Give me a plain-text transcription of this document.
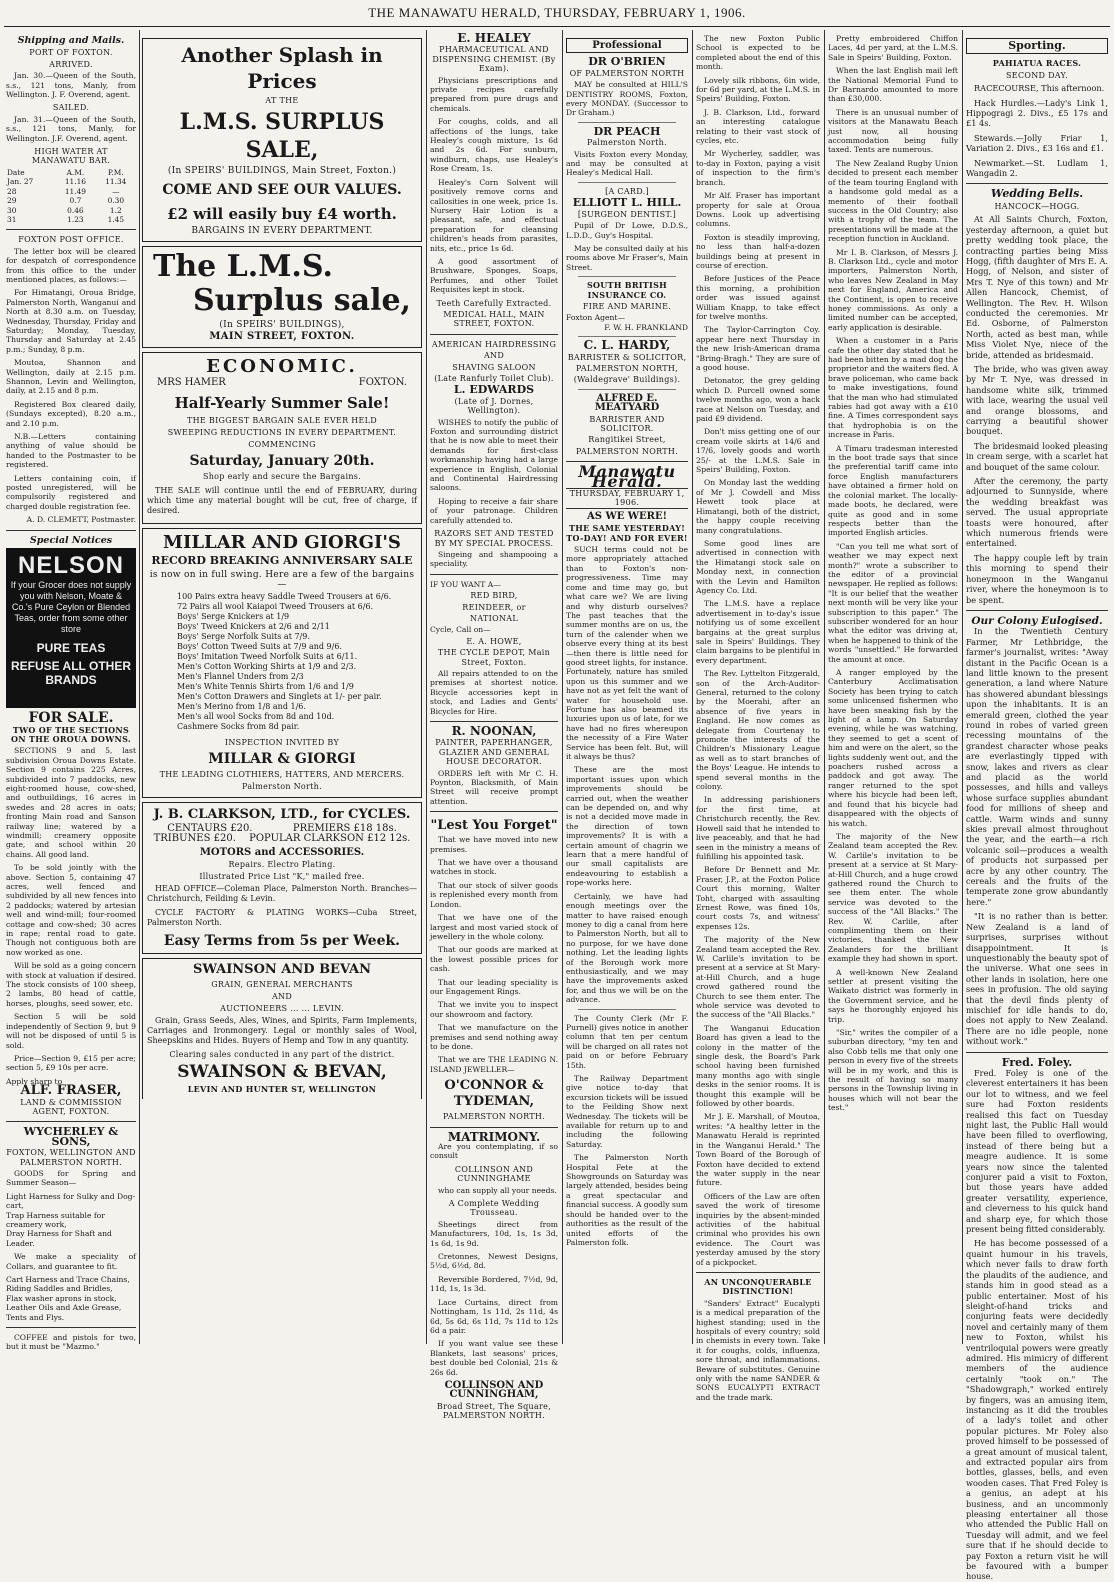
THE MANAWATU HERALD, THURSDAY, FEBRUARY 1, 1906.
Shipping and Mails.
PORT OF FOXTON.
ARRIVED.

Jan. 30.—Queen of the South, s.s., 121 tons, Manly, from Wellington. J. F. Overend, agent.

SAILED.

Jan. 31.—Queen of the South, s.s., 121 tons, Manly, for Wellington. J.F. Overend, agent.

HIGH WATER AT MANAWATU BAR.
Date	A.M.	P.M.
Jan. 27	11.16	11.34
28	11.49	—
29	0.7	0.30
30	0.46	1.2
31	1.23	1.45
FOXTON POST OFFICE.

The letter box will be cleared for despatch of correspondence from this office to the under mentioned places, as follows:—

For Himatangi, Oroua Bridge, Palmerston North, Wanganui and North at 8.30 a.m. on Tuesday, Wednesday, Thursday, Friday and Saturday; Monday, Tuesday, Thursday and Saturday at 2.45 p.m.; Sunday, 8 p.m.

Moutoa, Shannon and Wellington, daily at 2.15 p.m. Shannon, Levin and Wellington, daily, at 2.15 and 8 p.m.

Registered Box cleared daily, (Sundays excepted), 8.20 a.m., and 2.10 p.m.

N.B.—Letters containing anything of value should be handed to the Postmaster to be registered.

Letters containing coin, if posted unregistered, will be compulsorily registered and charged double registration fee.

A. D. CLEMETT, Postmaster.
Special Notices
NELSON
If your Grocer does not supply you with Nelson, Moate & Co.'s Pure Ceylon or Blended Teas, order from some other store
PURE TEAS
REFUSE ALL OTHER BRANDS
FOR SALE.
TWO OF THE SECTIONS ON THE OROUA DOWNS.

SECTIONS 9 and 5, last subdivision Oroua Downs Estate. Section 9 contains 225 Acres, subdivided into 7 paddocks, new eight-roomed house, cow-shed, and outbuildings, 16 acres in swedes and 28 acres in oats; fronting Main road and Sanson railway line; watered by a windmill; creamery opposite gate, and school within 20 chains. All good land.

To be sold jointly with the above. Section 5, containing 47 acres, well fenced and subdivided by all new fences into 2 paddocks; watered by artesian well and wind-mill; four-roomed cottage and cow-shed; 30 acres in rape; rental road to gate. Though not contiguous both are now worked as one.

Will be sold as a going concern with stock at valuation if desired. The stock consists of 100 sheep, 2 lambs, 80 head of cattle, horses, ploughs, seed sower, etc.

Section 5 will be sold independently of Section 9, but 9 will not be disposed of until 5 is sold.

Price—Section 9, £15 per acre; section 5, £9 10s per acre.

Apply sharp to
ALF. FRASER,
LAND & COMMISSION AGENT, FOXTON.
WYCHERLEY & SONS,
FOXTON, WELLINGTON AND PALMERSTON NORTH.

GOODS for Spring and Summer Season—

Light Harness for Sulky and Dog-cart,
Trap Harness suitable for creamery work,
Dray Harness for Shaft and Leader.

We make a speciality of Collars, and guarantee to fit.

Cart Harness and Trace Chains,
Riding Saddles and Bridles,
Flax washer aprons in stock,
Leather Oils and Axle Grease,
Tents and Flys.

COFFEE and pistols for two, but it must be "Mazmo."

Another Splash in Prices
AT THE
L.M.S. SURPLUS SALE,
(In SPEIRS' BUILDINGS, Main Street, Foxton.)
COME AND SEE OUR VALUES.
£2 will easily buy £4 worth.
BARGAINS IN EVERY DEPARTMENT.
The L.M.S.
Surplus sale,
(In SPEIRS' BUILDINGS),
MAIN STREET, FOXTON.
ECONOMIC.
MRS HAMER	FOXTON.
Half-Yearly Summer Sale!
THE BIGGEST BARGAIN SALE EVER HELD
SWEEPING REDUCTIONS IN EVERY DEPARTMENT.
COMMENCING
Saturday, January 20th.
Shop early and secure the Bargains.

THE SALE will continue until the end of FEBRUARY, during which time any material bought will be cut, free of charge, if desired.

MILLAR AND GIORGI'S
RECORD BREAKING ANNIVERSARY SALE
is now on in full swing. Here are a few of the bargains—
100 Pairs extra heavy Saddle Tweed Trousers at 6/6.
72 Pairs all wool Kaiapoi Tweed Trousers at 6/6.
Boys' Serge Knickers at 1/9
Boys' Tweed Knickers at 2/6 and 2/11
Boys' Serge Norfolk Suits at 7/9.
Boys' Cotton Tweed Suits at 7/9 and 9/6.
Boys' Imitation Tweed Norfolk Suits at 6/11.
Men's Cotton Working Shirts at 1/9 and 2/3.
Men's Flannel Unders from 2/3
Men's White Tennis Shirts from 1/6 and 1/9
Men's Cotton Drawers and Singlets at 1/- per pair.
Men's Merino from 1/8 and 1/6.
Men's all wool Socks from 8d and 10d.
Cashmere Socks from 8d pair.
INSPECTION INVITED BY
MILLAR & GIORGI
THE LEADING CLOTHIERS, HATTERS, AND MERCERS.
Palmerston North.
J. B. CLARKSON, LTD., for CYCLES.
CENTAURS £20.	PREMIERS £18 18s.
TRIBUNES £20. POPULAR CLARKSON £12 12s.
MOTORS and ACCESSORIES.
Repairs. Electro Plating.
Illustrated Price List "K," mailed free.

HEAD OFFICE—Coleman Place, Palmerston North. Branches—Christchurch, Feilding & Levin.

CYCLE FACTORY & PLATING WORKS—Cuba Street, Palmerston North.

Easy Terms from 5s per Week.
SWAINSON AND BEVAN
GRAIN, GENERAL MERCHANTS
AND
AUCTIONEERS ... ... LEVIN.

Grain, Grass Seeds, Ales, Wines, and Spirits, Farm Implements, Carriages and Ironmongery. Legal or monthly sales of Wool, Sheepskins and Hides. Buyers of Hemp and Tow in any quantity.

Clearing sales conducted in any part of the district.
SWAINSON & BEVAN,
LEVIN AND HUNTER ST, WELLINGTON
E. HEALEY
PHARMACEUTICAL AND DISPENSING CHEMIST. (By Exam).

Physicians prescriptions and private recipes carefully prepared from pure drugs and chemicals.

For coughs, colds, and all affections of the lungs, take Healey's cough mixture, 1s 6d and 2s 6d. For sunburn, windburn, chaps, use Healey's Rose Cream, 1s.

Healey's Corn Solvent will positively remove corns and callosities in one week, price 1s. Nursery Hair Lotion is a pleasant, safe, and effectual preparation for cleansing children's heads from parasites, nits, etc., price 1s 6d.

A good assortment of Brushware, Sponges, Soaps, Perfumes, and other Toilet Requisites kept in stock.

Teeth Carefully Extracted.
MEDICAL HALL, MAIN STREET, FOXTON.
AMERICAN HAIRDRESSING
AND
SHAVING SALOON
(Late Ranfurly Toilet Club).
L. EDWARDS
(Late of J. Dornes, Wellington).

WISHES to notify the public of Foxton and surrounding district that he is now able to meet their demands for first-class workmanship having had a large experience in English, Colonial and Continental Hairdressing saloons.

Hoping to receive a fair share of your patronage. Children carefully attended to.

RAZORS SET AND TESTED BY MY SPECIAL PROCESS.

Singeing and shampooing a speciality.

IF YOU WANT A—
RED BIRD,
REINDEER, or
NATIONAL
Cycle, Call on—
E. A. HOWE,
THE CYCLE DEPOT, Main Street, Foxton.

All repairs attended to on the premises at shortest notice. Bicycle accessories kept in stock, and Ladies and Gents' Bicycles for Hire.

R. NOONAN,
PAINTER, PAPERHANGER, GLAZIER AND GENERAL HOUSE DECORATOR.

ORDERS left with Mr C. H. Poynton, Blacksmith, of Main Street will receive prompt attention.

"Lest You Forget"

That we have moved into new premises.

That we have over a thousand watches in stock.

That our stock of silver goods is replenished every month from London.

That we have one of the largest and most varied stock of jewellery in the whole colony.

That our goods are marked at the lowest possible prices for cash.

That our leading speciality is our Engagement Rings.

That we invite you to inspect our showroom and factory.

That we manufacture on the premises and send nothing away to be done.

That we are THE LEADING N. ISLAND JEWELLER—

O'CONNOR & TYDEMAN,
PALMERSTON NORTH.
MATRIMONY.

Are you contemplating, if so consult

COLLINSON AND CUNNINGHAME

who can supply all your needs.

A Complete Wedding Trousseau.

Sheetings direct from Manufacturers, 10d, 1s, 1s 3d, 1s 6d, 1s 9d.

Cretonnes, Newest Designs, 5½d, 6½d, 8d.

Reversible Bordered, 7½d, 9d, 11d, 1s, 1s 3d.

Lace Curtains, direct from Nottingham, 1s 11d, 2s 11d, 4s 6d, 5s 6d, 6s 11d, 7s 11d to 12s 6d a pair.

If you want value see these Blankets, last seasons' prices, best double bed Colonial, 21s & 26s 6d.

COLLINSON AND CUNNINGHAM,
Broad Street, The Square, PALMERSTON NORTH.
Professional
DR O'BRIEN
OF PALMERSTON NORTH

MAY be consulted at HILL'S DENTISTRY ROOMS, Foxton, every MONDAY. (Successor to Dr Graham.)

DR PEACH
Palmerston North.

Visits Foxton every Monday, and may be consulted at Healey's Medical Hall.

[A CARD.]
ELLIOTT L. HILL.
[SURGEON DENTIST.]

Pupil of Dr Lowe, D.D.S., L.D.D., Guy's Hospital.

May be consulted daily at his rooms above Mr Fraser's, Main Street.

SOUTH BRITISH INSURANCE CO.
FIRE AND MARINE.
Foxton Agent—
F. W. H. FRANKLAND
C. L. HARDY,
BARRISTER & SOLICITOR,
PALMERSTON NORTH,
(Waldegrave' Buildings).
ALFRED E. MEATYARD
BARRISTER AND SOLICITOR.
Rangitikei Street,
PALMERSTON NORTH.
Manawatu Herald.
THURSDAY, FEBRUARY 1, 1906.
AS WE WERE!
THE SAME YESTERDAY! TO-DAY! AND FOR EVER!

SUCH terms could not be more appropriately attached than to Foxton's non-progressiveness. Time may come and time may go, but what care we? We are living and why disturb ourselves? The past teaches that the summer months are on us, the turn of the calender when we observe every thing at its best—then there is little need for good street lights, for instance. Fortunately, nature has smiled upon us this summer and we have not as yet felt the want of water for household use. Fortune has also beamed its luxuries upon us of late, for we have had no fires whereupon the necessity of a Fire Water Service has been felt. But, will it always be thus?

These are the most important issues upon which improvements should be carried out, when the weather can be depended on, and why is not a decided move made in the direction of town improvements? It is with a certain amount of chagrin we learn that a mere handful of our small capitalists are endeavouring to establish a rope-works here.

Certainly, we have had enough meetings over the matter to have raised enough money to dig a canal from here to Palmerston North, but all to no purpose, for we have done nothing. Let the leading lights of the Borough work more enthusiastically, and we may have the improvements asked for, and thus we will be on the advance.

The County Clerk (Mr F. Purnell) gives notice in another column that ten per centum will be charged on all rates not paid on or before February 15th.

The Railway Department give notice to-day that excursion tickets will be issued to the Feilding Show next Wednesday. The tickets will be available for return up to and including the following Saturday.

The Palmerston North Hospital Fete at the Showgrounds on Saturday was largely attended, besides being a great spectacular and financial success. A goodly sum should be handed over to the authorities as the result of the united efforts of the Palmerston folk.

The new Foxton Public School is expected to be completed about the end of this month.

Lovely silk ribbons, 6in wide, for 6d per yard, at the L.M.S. in Speirs' Building, Foxton.

J. B. Clarkson, Ltd., forward an interesting catalogue relating to their vast stock of cycles, etc.

Mr Wycherley, saddler, was to-day in Foxton, paying a visit of inspection to the firm's branch.

Mr Alf. Fraser has important property for sale at Oroua Downs. Look up advertising columns.

Foxton is steadily improving, no less than half-a-dozen buildings being at present in course of erection.

Before Justices of the Peace this morning, a prohibition order was issued against William Knapp, to take effect for twelve months.

The Taylor-Carrington Coy. appear here next Thursday in the new Irish-American drama "Bring-Bragh." They are sure of a good house.

Detonator, the grey gelding which D. Purcell owned some twelve months ago, won a hack race at Nelson on Tuesday, and paid £9 dividend.

Don't miss getting one of our cream voile skirts at 14/6 and 17/6, lovely goods and worth 25/- at the L.M.S. Sale in Speirs' Building, Foxton.

On Monday last the wedding of Mr J. Cowdell and Miss Hewett took place at Himatangi, both of the district, the happy couple receiving many congratulations.

Some good lines are advertised in connection with the Himatangi stock sale on Monday next, in connection with the Levin and Hamilton Agency Co. Ltd.

The L.M.S. have a replace advertisement in to-day's issue notifying us of some excellent bargains at the great surplus sale in Speirs' Buildings. They claim bargains to be plentiful in every department.

The Rev. Lyttelton Fitzgerald, son of the Arch-Auditor-General, returned to the colony by the Moerahi, after an absence of five years in England. He now comes as delegate from Courtenay to promote the interests of the Children's Missionary League as well as to start branches of the Boys' League. He intends to spend several months in the colony.

In addressing parishioners for the first time, at Christchurch recently, the Rev. Howell said that he intended to live peaceably, and that he had seen in the ministry a means of fulfilling his appointed task.

Before Dr Bennett and Mr. Fraser, J.P., at the Foxton Police Court this morning, Walter Toht, charged with assaulting Ernest Rowe, was fined 10s, court costs 7s, and witness' expenses 12s.

The majority of the New Zealand team accepted the Rev. W. Carlile's invitation to be present at a service at St Mary-at-Hill Church, and a huge crowd gathered round the Church to see them enter. The whole service was devoted to the success of the "All Blacks."

The Wanganui Education Board has given a lead to the colony in the matter of the single desk, the Board's Park school having been furnished many months ago with single desks in the senior rooms. It is thought this example will be followed by other boards.

Mr J. E. Marshall, of Moutoa, writes: "A healthy letter in the Manawatu Herald is reprinted in the Wanganui Herald." The Town Board of the Borough of Foxton have decided to extend the water supply in the near future.

Officers of the Law are often saved the work of tiresome inquiries by the absent-minded activities of the habitual criminal who provides his own evidence. The Court was yesterday amused by the story of a pickpocket.

AN UNCONQUERABLE DISTINCTION!

"Sanders' Extract" Eucalypti is a medical preparation of the highest standing; used in the hospitals of every country; sold in chemists in every town. Take it for coughs, colds, influenza, sore throat, and inflammations. Beware of substitutes. Genuine only with the name SANDER & SONS EUCALYPTI EXTRACT and the trade mark.

Pretty embroidered Chiffon Laces, 4d per yard, at the L.M.S. Sale in Speirs' Building, Foxton.

When the last English mail left the National Memorial Fund to Dr Barnardo amounted to more than £30,000.

There is an unusual number of visitors at the Manawatu Beach just now, all housing accommodation being fully taxed. Tents are numerous.

The New Zealand Rugby Union decided to present each member of the team touring England with a handsome gold medal as a memento of their football success in the Old Country; also with a trophy of the team. The presentations will be made at the reception function in Auckland.

Mr I. B. Clarkson, of Messrs J. B. Clarkson Ltd., cycle and motor importers, Palmerston North, who leaves New Zealand in May next for England, America and the Continent, is open to receive honey commissions. As only a limited number can be accepted, early application is desirable.

When a customer in a Paris cafe the other day stated that he had been bitten by a mad dog the proprietor and the waiters fled. A brave policeman, who came back to make investigations, found that the man who had stimulated rabies had got away with a £10 fine. A Times correspondent says that hydrophobia is on the increase in Paris.

A Timaru tradesman interested in the boot trade says that since the preferential tariff came into force English manufacturers have obtained a firmer hold on the colonial market. The locally-made boots, he declared, were quite as good and in some respects better than the imported English articles.

"Can you tell me what sort of weather we may expect next month?" wrote a subscriber to the editor of a provincial newspaper. He replied as follows: "It is our belief that the weather next month will be very like your subscription to this paper." The subscriber wondered for an hour what the editor was driving at, when he happened to think of the words "unsettled." He forwarded the amount at once.

A ranger employed by the Canterbury Acclimatisation Society has been trying to catch some unlicensed fishermen who have been sneaking fish by the light of a lamp. On Saturday evening, while he was watching, they seemed to get a scent of him and were on the alert, so the lights suddenly went out, and the poachers rushed across a paddock and got away. The ranger returned to the spot where his bicycle had been left, and found that his bicycle had disappeared with the objects of his watch.

The majority of the New Zealand team accepted the Rev. W. Carlile's invitation to be present at a service at St Mary-at-Hill Church, and a huge crowd gathered round the Church to see them enter. The whole service was devoted to the success of the "All Blacks." The Rev. W. Carlile, after complimenting them on their victories, thanked the New Zealanders for the brilliant example they had shown in sport.

A well-known New Zealand settler at present visiting the Waikato district was formerly in the Government service, and he says he thoroughly enjoyed his trip.

"Sir," writes the compiler of a suburban directory, "my ten and also Cobb tells me that only one person in every five of the streets will be in my work, and this is the result of having so many persons in the Township living in houses which will not bear the test."

Sporting.
PAHIATUA RACES.
SECOND DAY.

RACECOURSE, This afternoon.

Hack Hurdles.—Lady's Link 1, Hippogragi 2. Divs., £5 17s and £1 4s.

Stewards.—Jolly Friar 1, Variation 2. Divs., £3 16s and £1.

Newmarket.—St. Ludlam 1, Wangadin 2.

Wedding Bells.
HANCOCK—HOGG.

At All Saints Church, Foxton, yesterday afternoon, a quiet but pretty wedding took place, the contracting parties being Miss Hogg, (fifth daughter of Mrs E. A. Hogg, of Nelson, and sister of Mrs T. Nye of this town) and Mr Allen Hancock, Chemist, of Wellington. The Rev. H. Wilson conducted the ceremonies. Mr Ed. Osborne, of Palmerston North, acted as best man, while Miss Violet Nye, niece of the bride, attended as bridesmaid.

The bride, who was given away by Mr T. Nye, was dressed in handsome white silk, trimmed with lace, wearing the usual veil and orange blossoms, and carrying a beautiful shower bouquet.

The bridesmaid looked pleasing in cream serge, with a scarlet hat and bouquet of the same colour.

After the ceremony, the party adjourned to Sunnyside, where the wedding breakfast was served. The usual appropriate toasts were honoured, after which numerous friends were entertained.

The happy couple left by train this morning to spend their honeymoon in the Wanganui river, where the honeymoon is to be spent.

Our Colony Eulogised.

In the Twentieth Century Farmer, Mr Lethbridge, the farmer's journalist, writes: "Away distant in the Pacific Ocean is a land little known to the present generation, a land where Nature has showered abundant blessings upon the inhabitants. It is an emerald green, clothed the year round in robes of varied green recessing mountains of the grandest character whose peaks are everlastingly tipped with snow, lakes and rivers as clear and placid as the world possesses, and hills and valleys whose surface supplies abundant food for millions of sheep and cattle. Warm winds and sunny skies prevail almost throughout the year, and the earth—a rich volcanic soil—produces a wealth of products not surpassed per acre by any other country. The cereals and the fruits of the temperate zone grow abundantly here."

"It is no rather than is better. New Zealand is a land of surprises, surprises without disappointment. It is unquestionably the beauty spot of the universe. What one sees in other lands in isolation, here one sees in profusion. The old saying that the devil finds plenty of mischief for idle hands to do, does not apply to New Zealand. There are no idle people, none without work."

Fred. Foley.

Fred. Foley is one of the cleverest entertainers it has been our lot to witness, and we feel sure had Foxton residents realised this fact on Tuesday night last, the Public Hall would have been filled to overflowing, instead of there being but a meagre audience. It is some years now since the talented conjurer paid a visit to Foxton, but those years have added greater versatility, experience, and cleverness to his quick hand and sharp eye, for which those present being fitted considerably.

He has become possessed of a quaint humour in his travels, which never fails to draw forth the plaudits of the audience, and stands him in good stead as a public entertainer. Most of his sleight-of-hand tricks and conjuring feats were decidedly novel and certainly many of them new to Foxton, whilst his ventriloquial powers were greatly admired. His mimicry of different members of the audience certainly "took on." The "Shadowgraph," worked entirely by fingers, was an amusing item, instancing as it did the troubles of a lady's toilet and other popular pictures. Mr Foley also proved himself to be possessed of a great amount of musical talent, and extracted popular airs from bottles, glasses, bells, and even wooden cases. That Fred Foley is a genius, an adept at his business, and an uncommonly pleasing entertainer all those who attended the Public Hall on Tuesday will admit, and we feel sure that if he should decide to pay Foxton a return visit he will be favoured with a bumper house.
